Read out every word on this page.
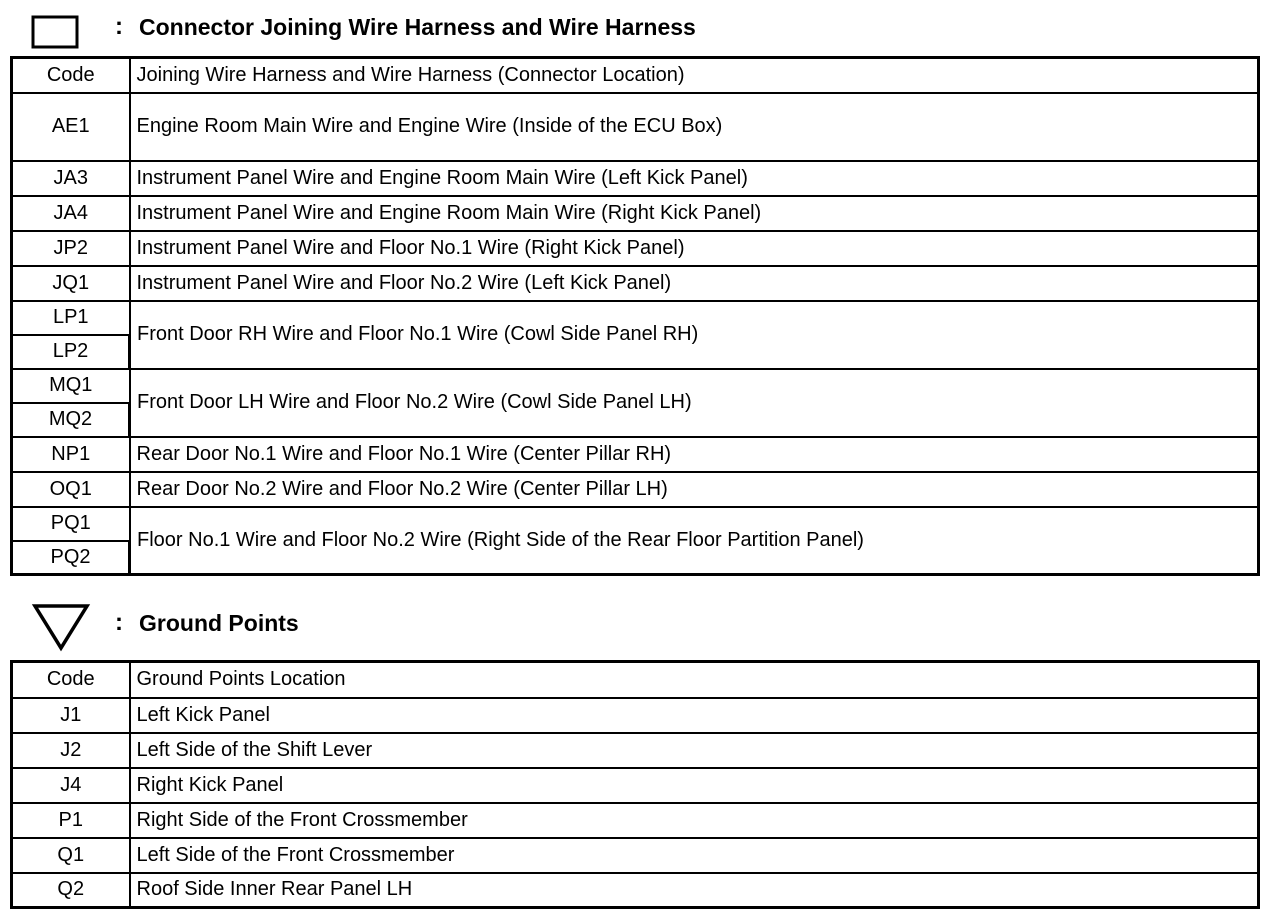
: Connector Joining Wire Harness and Wire Harness
Code	Joining Wire Harness and Wire Harness (Connector Location)
AE1	Engine Room Main Wire and Engine Wire (Inside of the ECU Box)
JA3	Instrument Panel Wire and Engine Room Main Wire (Left Kick Panel)
JA4	Instrument Panel Wire and Engine Room Main Wire (Right Kick Panel)
JP2	Instrument Panel Wire and Floor No.1 Wire (Right Kick Panel)
JQ1	Instrument Panel Wire and Floor No.2 Wire (Left Kick Panel)
LP1	Front Door RH Wire and Floor No.1 Wire (Cowl Side Panel RH)
LP2	
MQ1	Front Door LH Wire and Floor No.2 Wire (Cowl Side Panel LH)
MQ2	
NP1	Rear Door No.1 Wire and Floor No.1 Wire (Center Pillar RH)
OQ1	Rear Door No.2 Wire and Floor No.2 Wire (Center Pillar LH)
PQ1	Floor No.1 Wire and Floor No.2 Wire (Right Side of the Rear Floor Partition Panel)
PQ2	
: Ground Points
Code	Ground Points Location
J1	Left Kick Panel
J2	Left Side of the Shift Lever
J4	Right Kick Panel
P1	Right Side of the Front Crossmember
Q1	Left Side of the Front Crossmember
Q2	Roof Side Inner Rear Panel LH
